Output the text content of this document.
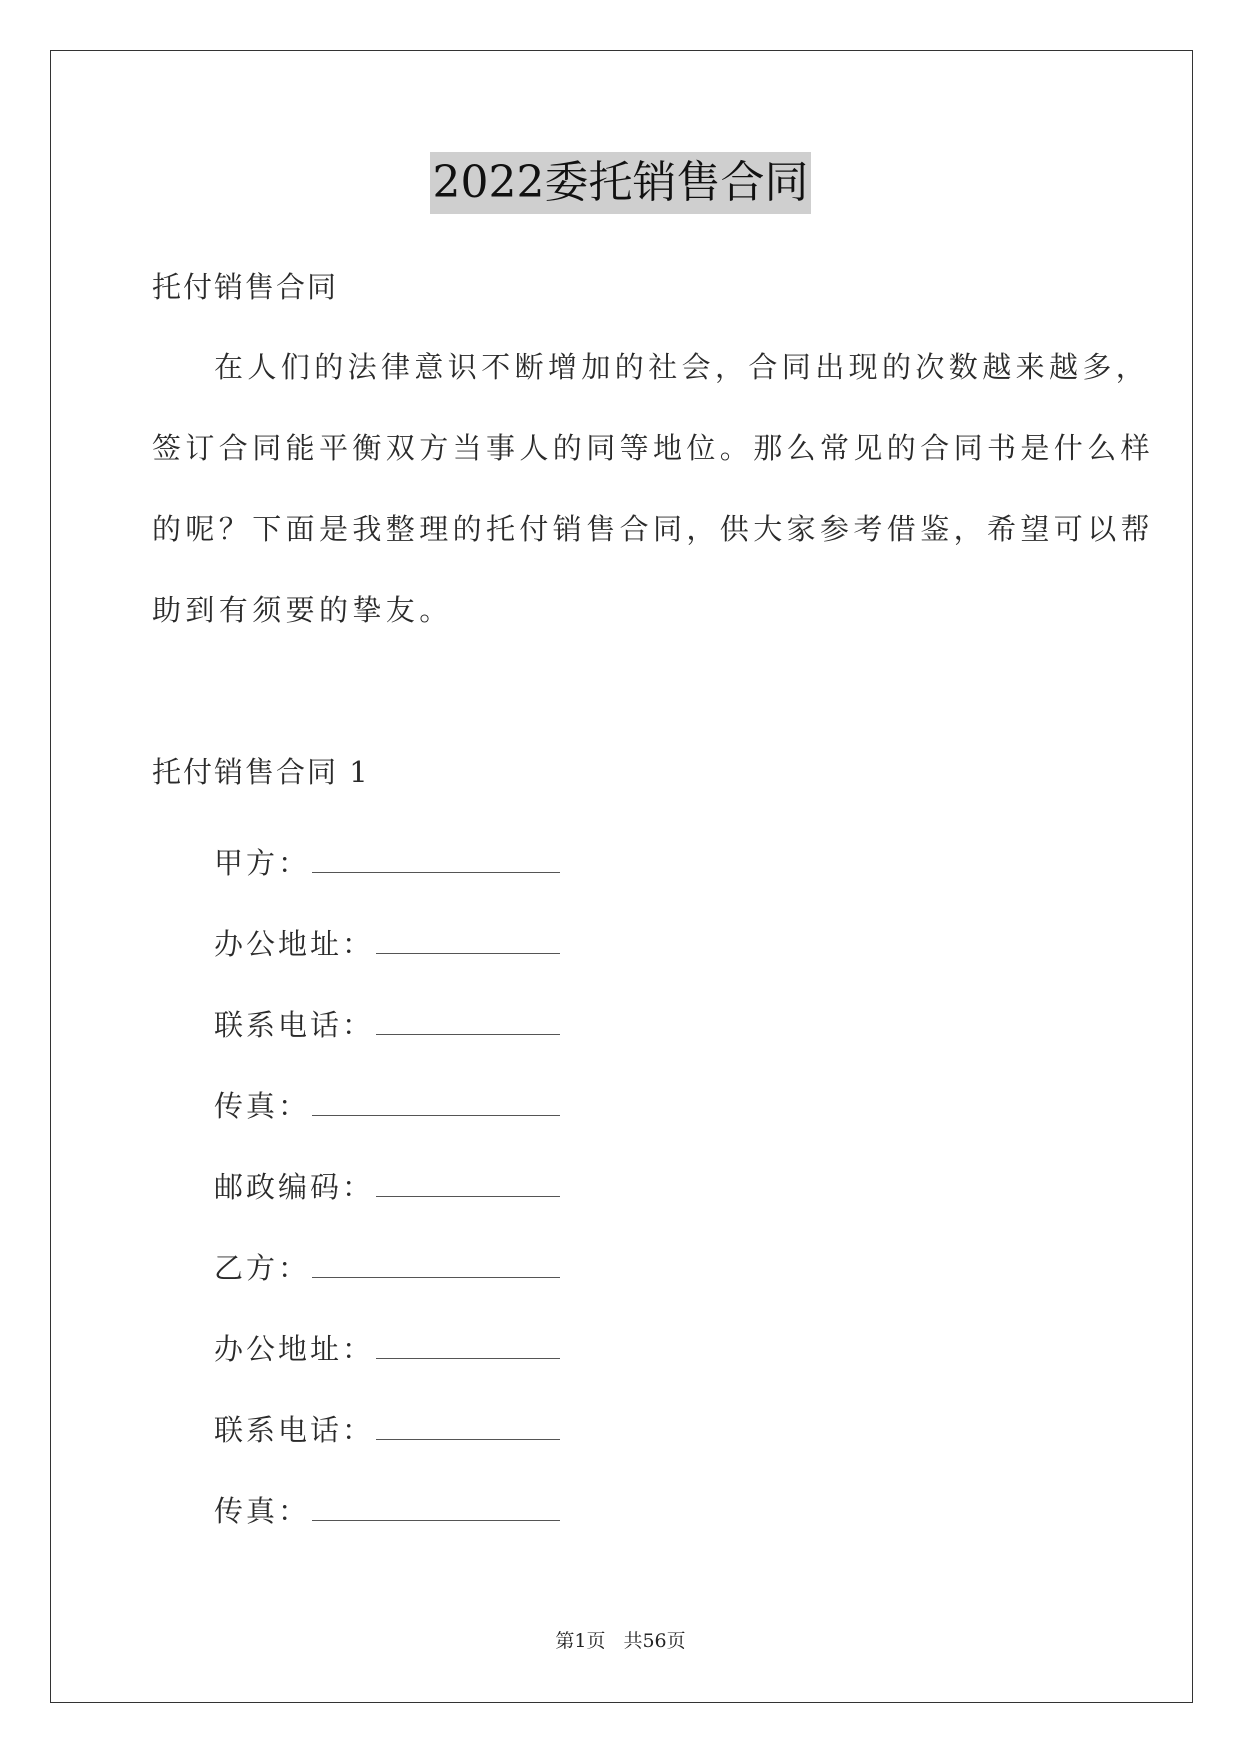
2022委托销售合同
托付销售合同
在人们的法律意识不断增加的社会，合同出现的次数越来越多，
签订合同能平衡双方当事人的同等地位。那么常见的合同书是什么样
的呢？下面是我整理的托付销售合同，供大家参考借鉴，希望可以帮
助到有须要的挚友。
托付销售合同 1
甲方：
办公地址：
联系电话：
传真：
邮政编码：
乙方：
办公地址：
联系电话：
传真：
第1页 共56页
